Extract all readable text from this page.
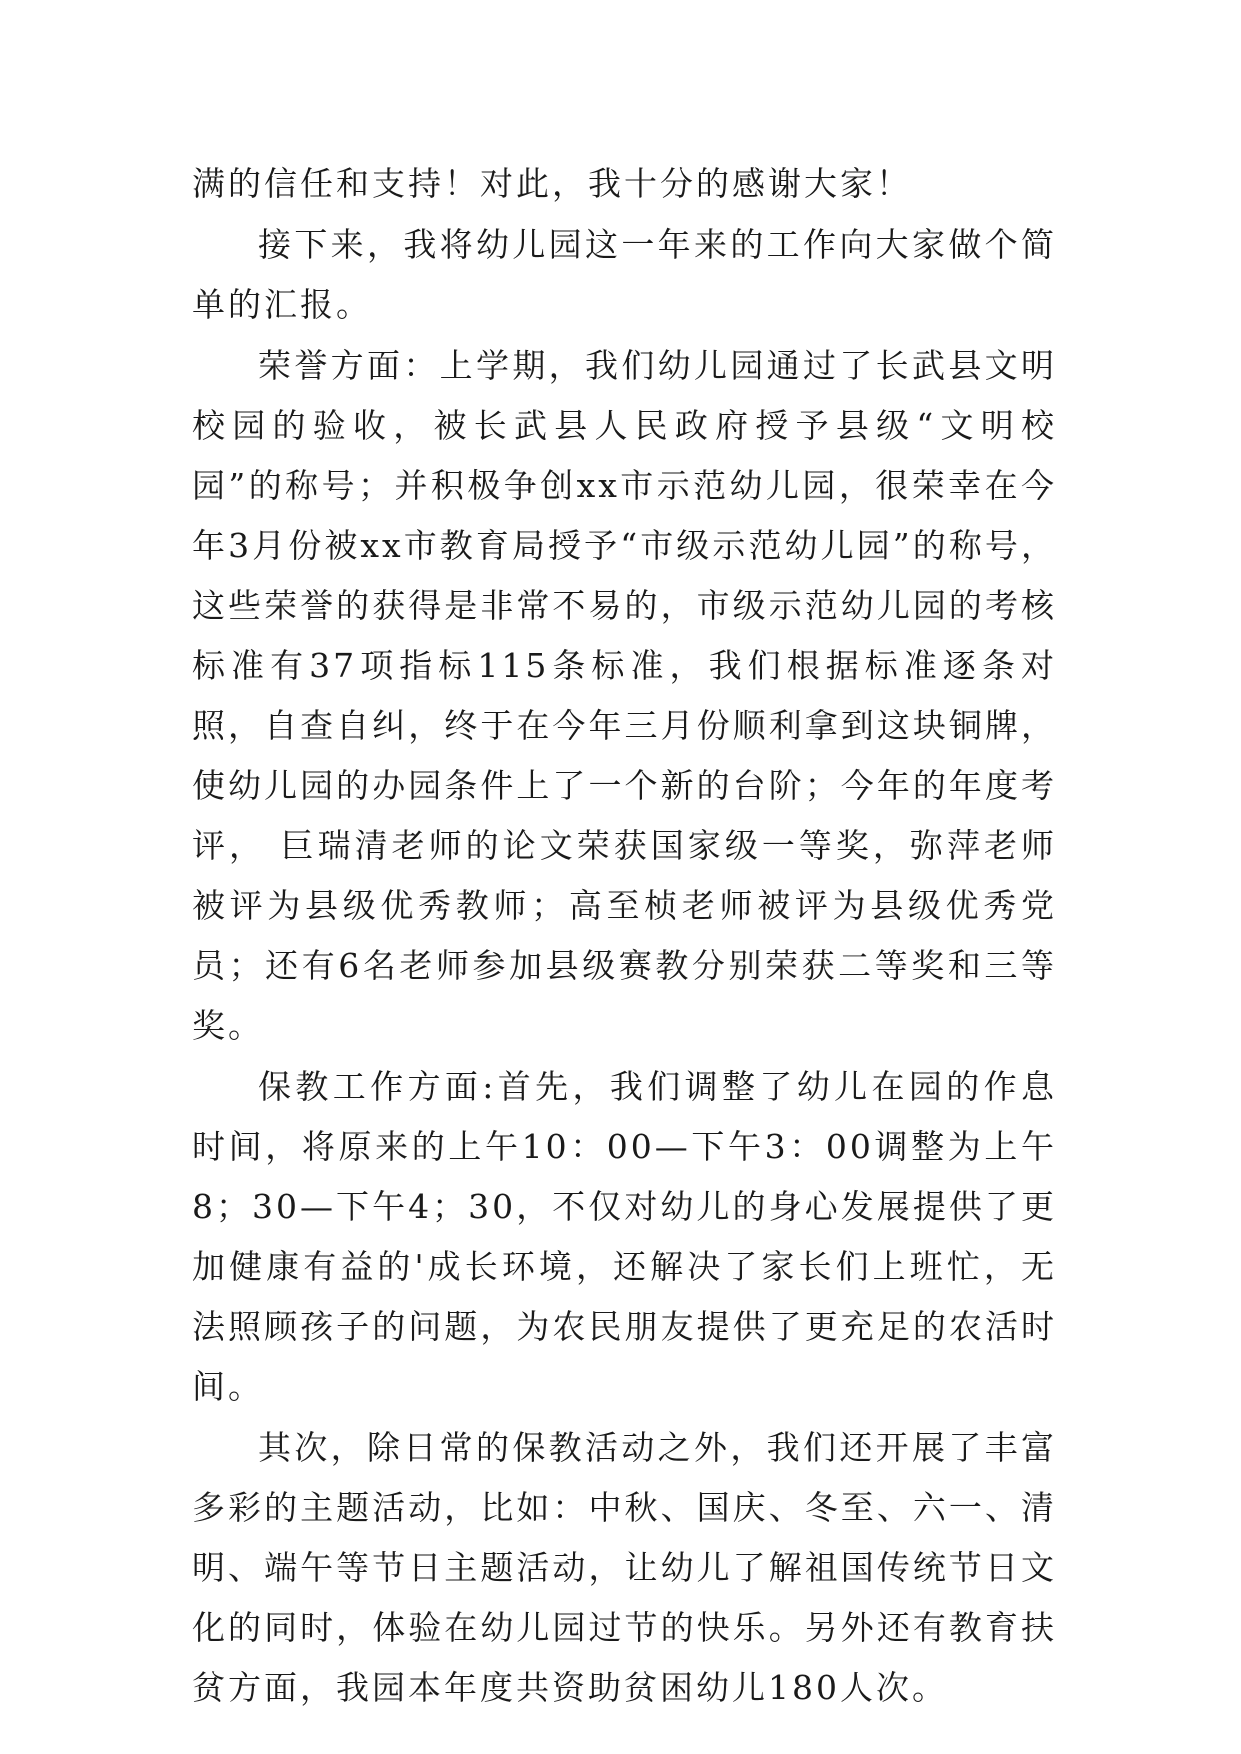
满的信任和支持！对此，我十分的感谢大家！

接下来，我将幼儿园这一年来的工作向大家做个简单的汇报。

荣誉方面：上学期，我们幼儿园通过了长武县文明校园的验收，被长武县人民政府授予县级“文明校园”的称号；并积极争创xx市示范幼儿园，很荣幸在今年3月份被xx市教育局授予“市级示范幼儿园”的称号，这些荣誉的获得是非常不易的，市级示范幼儿园的考核标准有37项指标115条标准，我们根据标准逐条对照，自查自纠，终于在今年三月份顺利拿到这块铜牌，使幼儿园的办园条件上了一个新的台阶；今年的年度考评， 巨瑞清老师的论文荣获国家级一等奖，弥萍老师被评为县级优秀教师；高至桢老师被评为县级优秀党员；还有6名老师参加县级赛教分别荣获二等奖和三等奖。

保教工作方面:首先，我们调整了幼儿在园的作息时间，将原来的上午10：00—下午3：00调整为上午8；30—下午4；30，不仅对幼儿的身心发展提供了更加健康有益的'成长环境，还解决了家长们上班忙，无法照顾孩子的问题，为农民朋友提供了更充足的农活时间。

其次，除日常的保教活动之外，我们还开展了丰富多彩的主题活动，比如：中秋、国庆、冬至、六一、清明、端午等节日主题活动，让幼儿了解祖国传统节日文化的同时，体验在幼儿园过节的快乐。另外还有教育扶贫方面，我园本年度共资助贫困幼儿180人次。
